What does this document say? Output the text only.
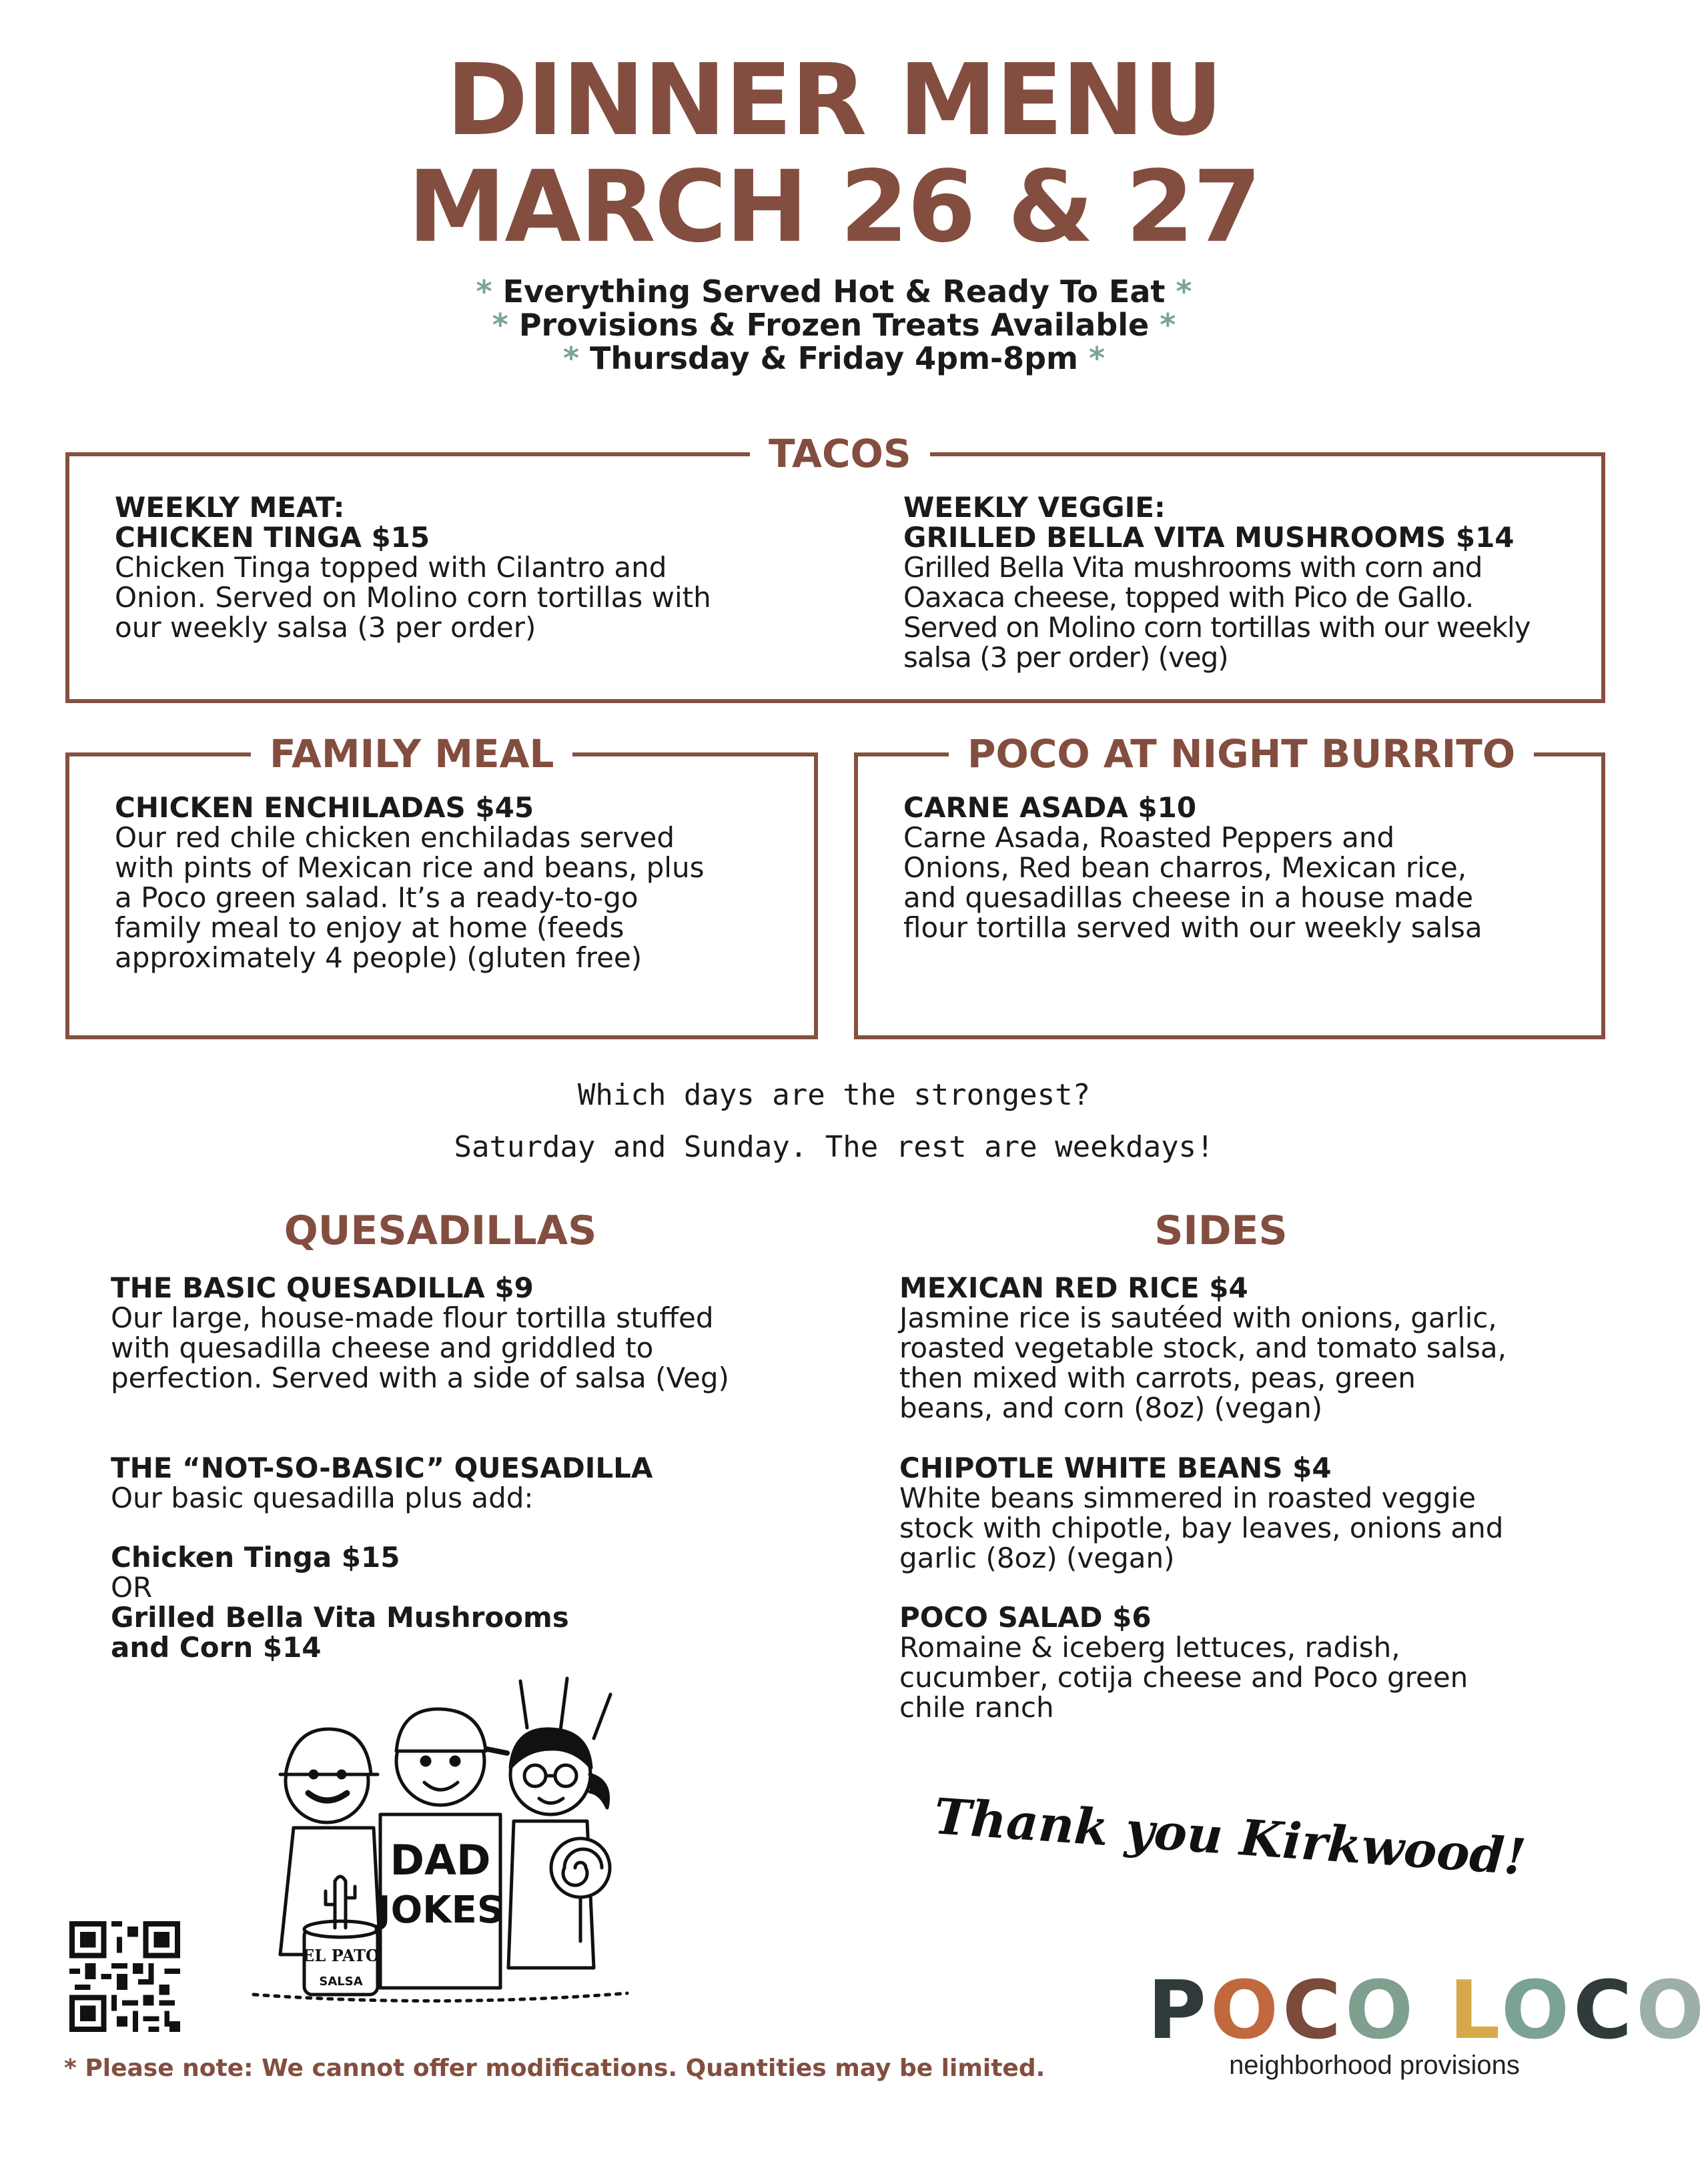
DINNER MENU
MARCH 26 & 27
* Everything Served Hot & Ready To Eat *
* Provisions & Frozen Treats Available *
* Thursday & Friday 4pm-8pm *
TACOS
WEEKLY MEAT:
CHICKEN TINGA $15
Chicken Tinga topped with Cilantro and
Onion. Served on Molino corn tortillas with
our weekly salsa (3 per order)
WEEKLY VEGGIE:
GRILLED BELLA VITA MUSHROOMS $14
Grilled Bella Vita mushrooms with corn and
Oaxaca cheese, topped with Pico de Gallo.
Served on Molino corn tortillas with our weekly
salsa (3 per order) (veg)
FAMILY MEAL
CHICKEN ENCHILADAS $45
Our red chile chicken enchiladas served
with pints of Mexican rice and beans, plus
a Poco green salad. It’s a ready-to-go
family meal to enjoy at home (feeds
approximately 4 people) (gluten free)
POCO AT NIGHT BURRITO
CARNE ASADA $10
Carne Asada, Roasted Peppers and
Onions, Red bean charros, Mexican rice,
and quesadillas cheese in a house made
flour tortilla served with our weekly salsa
Which days are the strongest?
Saturday and Sunday. The rest are weekdays!
QUESADILLAS
THE BASIC QUESADILLA $9
Our large, house-made flour tortilla stuffed
with quesadilla cheese and griddled to
perfection. Served with a side of salsa (Veg)
THE “NOT-SO-BASIC” QUESADILLA
Our basic quesadilla plus add:
Chicken Tinga $15
OR
Grilled Bella Vita Mushrooms
and Corn $14
SIDES
MEXICAN RED RICE $4
Jasmine rice is sautéed with onions, garlic,
roasted vegetable stock, and tomato salsa,
then mixed with carrots, peas, green
beans, and corn (8oz) (vegan)
CHIPOTLE WHITE BEANS $4
White beans simmered in roasted veggie
stock with chipotle, bay leaves, onions and
garlic (8oz) (vegan)
POCO SALAD $6
Romaine & iceberg lettuces, radish,
cucumber, cotija cheese and Poco green
chile ranch
DAD
JOKES
EL PATO
SALSA
Thank you Kirkwood!
* Please note: We cannot offer modifications. Quantities may be limited.
POCO LOCO
neighborhood provisions
